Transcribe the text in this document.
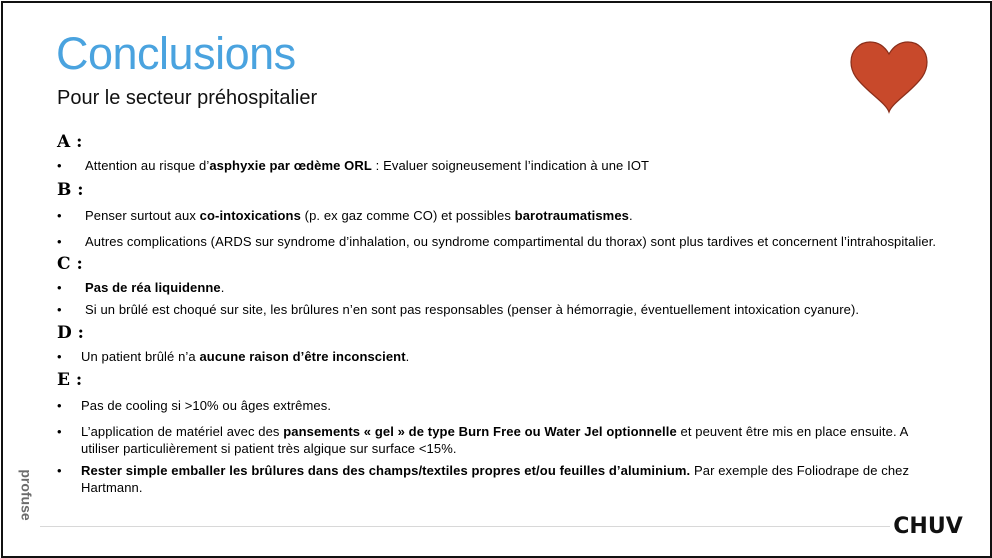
Conclusions
Pour le secteur préhospitalier
A :
•	Attention au risque d’asphyxie par œdème ORL : Evaluer soigneusement l’indication à une IOT
B :
•	Penser surtout aux co-intoxications (p. ex gaz comme CO) et possibles barotraumatismes.
•	Autres complications (ARDS sur syndrome d’inhalation, ou syndrome compartimental du thorax) sont plus tardives et concernent l’intrahospitalier.
C :
•	Pas de réa liquidenne.
•	Si un brûlé est choqué sur site, les brûlures n’en sont pas responsables (penser à hémorragie, éventuellement intoxication cyanure).
D :
•	Un patient brûlé n’a aucune raison d’être inconscient.
E :
•	Pas de cooling si >10% ou âges extrêmes.
•	L’application de matériel avec des pansements « gel » de type Burn Free ou Water Jel optionnelle et peuvent être mis en place ensuite. A utiliser particulièrement si patient très algique sur surface <15%.
•	Rester simple emballer les brûlures dans des champs/textiles propres et/ou feuilles d’aluminium. Par exemple des Foliodrape de chez Hartmann.
profuse
CHUV
